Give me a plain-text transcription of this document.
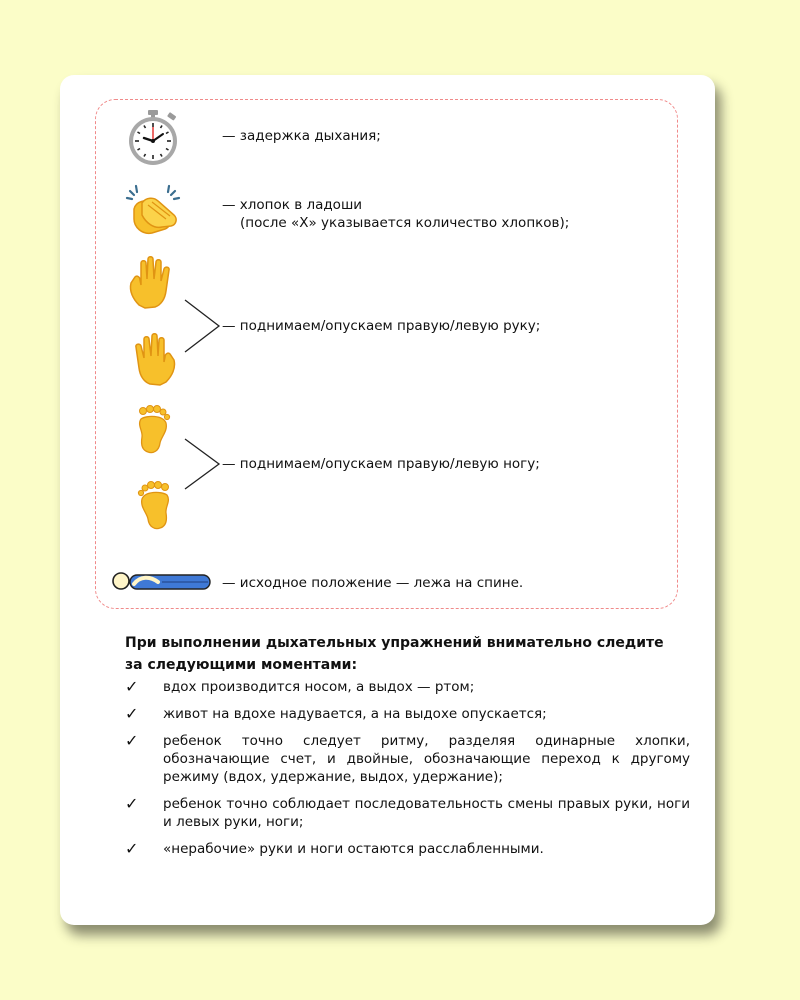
— задержка дыхания;
— хлопок в ладоши
(после «X» указывается количество хлопков);
— поднимаем/опускаем правую/левую руку;
— поднимаем/опускаем правую/левую ногу;
— исходное положение — лежа на спине.
При выполнении дыхательных упражнений внимательно следите за следующими моментами:
✓ вдох производится носом, а выдох — ртом;
✓ живот на вдохе надувается, а на выдохе опускается;
✓ ребенок точно следует ритму, разделяя одинарные хлопки, обозначающие счет, и двойные, обозначающие переход к другому режиму (вдох, удержание, выдох, удержание);
✓ ребенок точно соблюдает последовательность смены правых руки, ноги и левых руки, ноги;
✓ «нерабочие» руки и ноги остаются расслабленными.
